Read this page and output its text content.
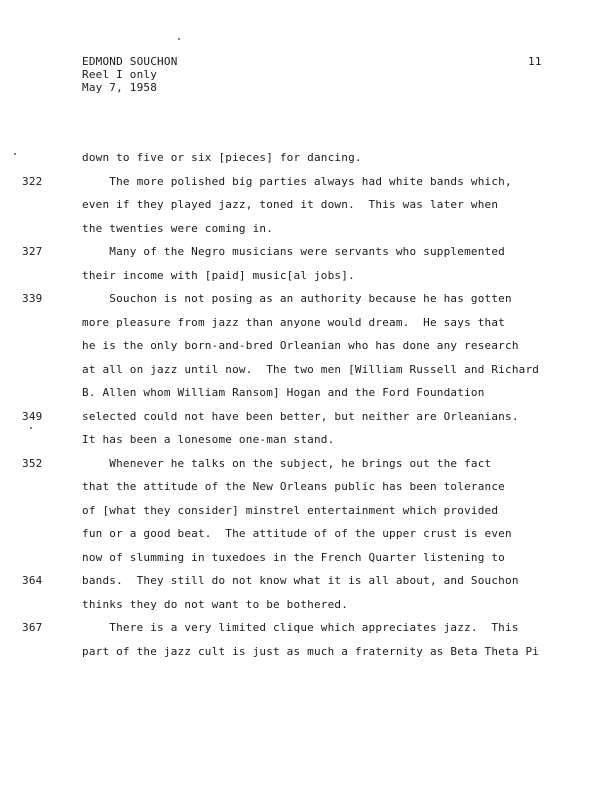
EDMOND SOUCHON
Reel I only
May 7, 1958
11
down to five or six [pieces] for dancing.
The more polished big parties always had white bands which,
322
even if they played jazz, toned it down.  This was later when
the twenties were coming in.
Many of the Negro musicians were servants who supplemented
327
their income with [paid] music[al jobs].
Souchon is not posing as an authority because he has gotten
339
more pleasure from jazz than anyone would dream.  He says that
he is the only born-and-bred Orleanian who has done any research
at all on jazz until now.  The two men [William Russell and Richard
B. Allen whom William Ransom] Hogan and the Ford Foundation
selected could not have been better, but neither are Orleanians.
349
It has been a lonesome one-man stand.
Whenever he talks on the subject, he brings out the fact
352
that the attitude of the New Orleans public has been tolerance
of [what they consider] minstrel entertainment which provided
fun or a good beat.  The attitude of of the upper crust is even
now of slumming in tuxedoes in the French Quarter listening to
bands.  They still do not know what it is all about, and Souchon
364
thinks they do not want to be bothered.
There is a very limited clique which appreciates jazz.  This
367
part of the jazz cult is just as much a fraternity as Beta Theta Pi
